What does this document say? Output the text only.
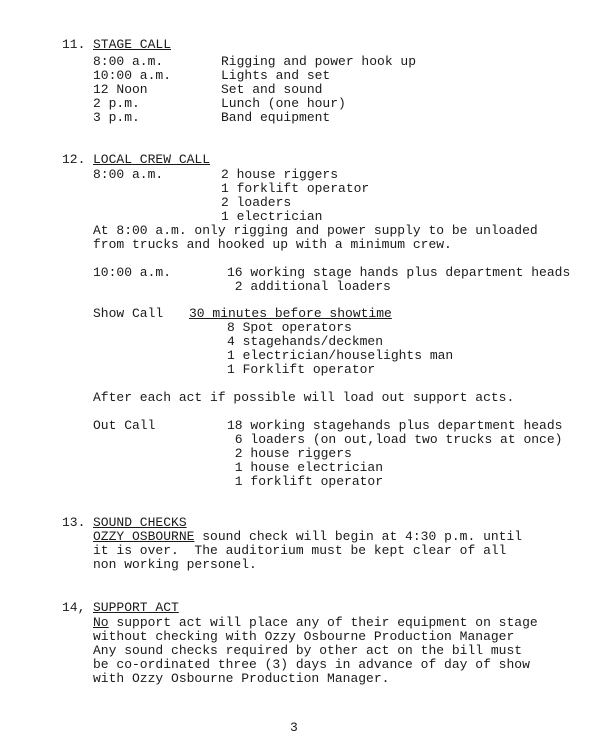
11. STAGE CALL
8:00 a.m.	Rigging and power hook up
10:00 a.m.	Lights and set
12 Noon	Set and sound
2 p.m.	Lunch (one hour)
3 p.m.	Band equipment
12. LOCAL CREW CALL
8:00 a.m.	2 house riggers
1 forklift operator
2 loaders
1 electrician
At 8:00 a.m. only rigging and power supply to be unloaded
from trucks and hooked up with a minimum crew.
10:00 a.m.	16 working stage hands plus department heads
2 additional loaders
Show Call 30 minutes before showtime
8 Spot operators
4 stagehands/deckmen
1 electrician/houselights man
1 Forklift operator
After each act if possible will load out support acts.
Out Call	18 working stagehands plus department heads
6 loaders (on out,load two trucks at once)
2 house riggers
1 house electrician
1 forklift operator
13. SOUND CHECKS
OZZY OSBOURNE sound check will begin at 4:30 p.m. until
it is over.  The auditorium must be kept clear of all
non working personel.
14, SUPPORT ACT
No support act will place any of their equipment on stage
without checking with Ozzy Osbourne Production Manager
Any sound checks required by other act on the bill must
be co-ordinated three (3) days in advance of day of show
with Ozzy Osbourne Production Manager.
3
